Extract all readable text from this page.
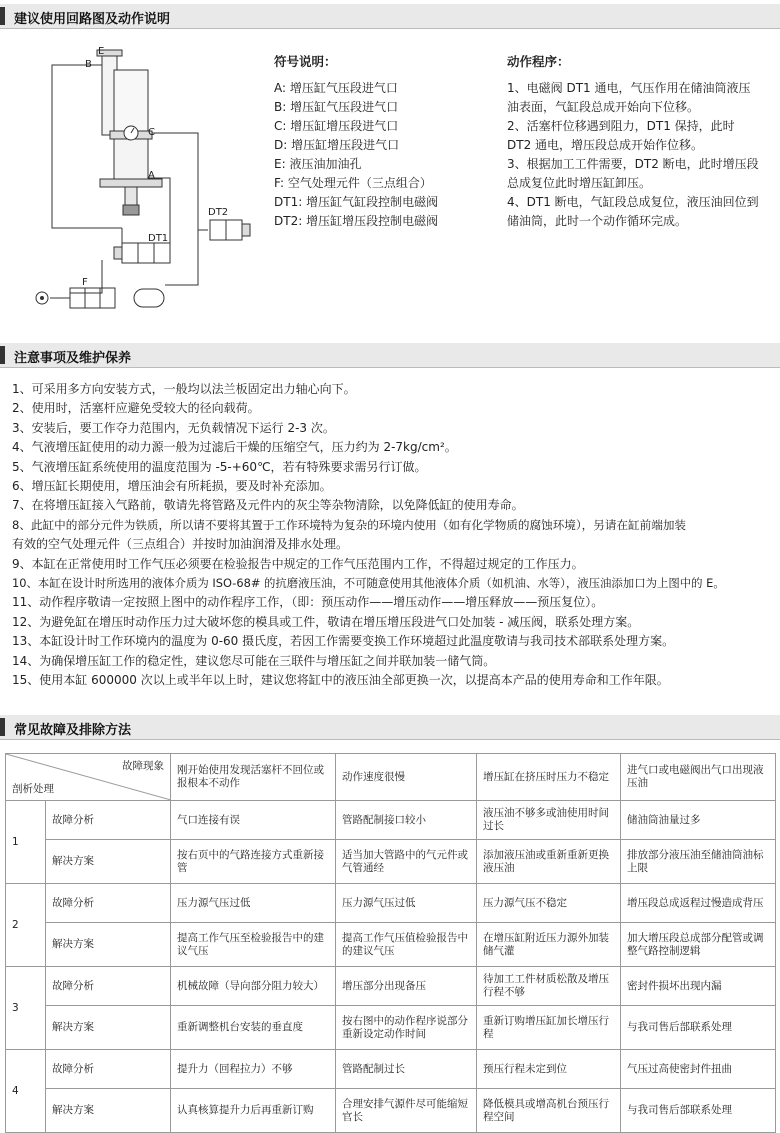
建议使用回路图及动作说明
B
E
C
A
DT2
DT1
F
符号说明：
A: 增压缸气压段进气口
B: 增压缸气压段进气口
C: 增压缸增压段进气口
D: 增压缸增压段进气口
E: 液压油加油孔
F: 空气处理元件（三点组合）
DT1: 增压缸气缸段控制电磁阀
DT2: 增压缸增压段控制电磁阀
动作程序：
1、电磁阀 DT1 通电，气压作用在储油筒液压
油表面，气缸段总成开始向下位移。
2、活塞杆位移遇到阻力，DT1 保持，此时
DT2 通电，增压段总成开始作位移。
3、根据加工工件需要，DT2 断电，此时增压段
总成复位此时增压缸卸压。
4、DT1 断电，气缸段总成复位，液压油回位到
储油筒，此时一个动作循环完成。
注意事项及维护保养
1、可采用多方向安装方式，一般均以法兰板固定出力轴心向下。
2、使用时，活塞杆应避免受较大的径向载荷。
3、安装后，要工作夺力范围内，无负载情况下运行 2-3 次。
4、气液增压缸使用的动力源一般为过滤后干燥的压缩空气，压力约为 2-7kg/cm²。
5、气液增压缸系统使用的温度范围为 -5-+60℃，若有特殊要求需另行订做。
6、增压缸长期使用，增压油会有所耗损，要及时补充添加。
7、在将增压缸接入气路前，敬请先将管路及元件内的灰尘等杂物清除，以免降低缸的使用寿命。
8、此缸中的部分元件为铁质，所以请不要将其置于工作环境特为复杂的环境内使用（如有化学物质的腐蚀环境），另请在缸前端加装
有效的空气处理元件（三点组合）并按时加油润滑及排水处理。
9、本缸在正常使用时工作气压必须要在检验报告中规定的工作气压范围内工作，不得超过规定的工作压力。
10、本缸在设计时所选用的液体介质为 ISO-68# 的抗磨液压油，不可随意使用其他液体介质（如机油、水等），液压油添加口为上图中的 E。
11、动作程序敬请一定按照上图中的动作程序工作，（即：预压动作——增压动作——增压释放——预压复位）。
12、为避免缸在增压时动作压力过大破坏您的模具或工件，敬请在增压增压段进气口处加装 - 减压阀，联系处理方案。
13、本缸设计时工作环境内的温度为 0-60 摄氏度，若因工作需要变换工作环境超过此温度敬请与我司技术部联系处理方案。
14、为确保增压缸工作的稳定性，建议您尽可能在三联件与增压缸之间并联加装一储气筒。
15、使用本缸 600000 次以上或半年以上时，建议您将缸中的液压油全部更换一次，以提高本产品的使用寿命和工作年限。
常见故障及排除方法
故障现象
剖析处理		刚开始使用发现活塞杆不回位或报根本不动作	动作速度很慢	增压缸在挤压时压力不稳定	进气口或电磁阀出气口出现液压油
1	故障分析	气口连接有误	管路配制接口较小	液压油不够多或油使用时间过长	储油筒油量过多
	解决方案	按右页中的气路连接方式重新接管	适当加大管路中的气元件或气管通经	添加液压油或重新重新更换液压油	排放部分液压油至储油筒油标上限
2	故障分析	压力源气压过低	压力源气压过低	压力源气压不稳定	增压段总成返程过慢造成背压
	解决方案	提高工作气压至检验报告中的建议气压	提高工作气压值检验报告中的建议气压	在增压缸附近压力源外加装储气灌	加大增压段总成部分配管或调整气路控制逻辑
3	故障分析	机械故障（导向部分阻力较大）	增压部分出现备压	待加工工件材质松散及增压行程不够	密封件损坏出现内漏
	解决方案	重新调整机台安装的垂直度	按右图中的动作程序说部分重新设定动作时间	重新订购增压缸加长增压行程	与我司售后部联系处理
4	故障分析	提升力（回程拉力）不够	管路配制过长	预压行程未定到位	气压过高使密封件扭曲
	解决方案	认真核算提升力后再重新订购	合理安排气源件尽可能缩短官长	降低模具或增高机台预压行程空间	与我司售后部联系处理
